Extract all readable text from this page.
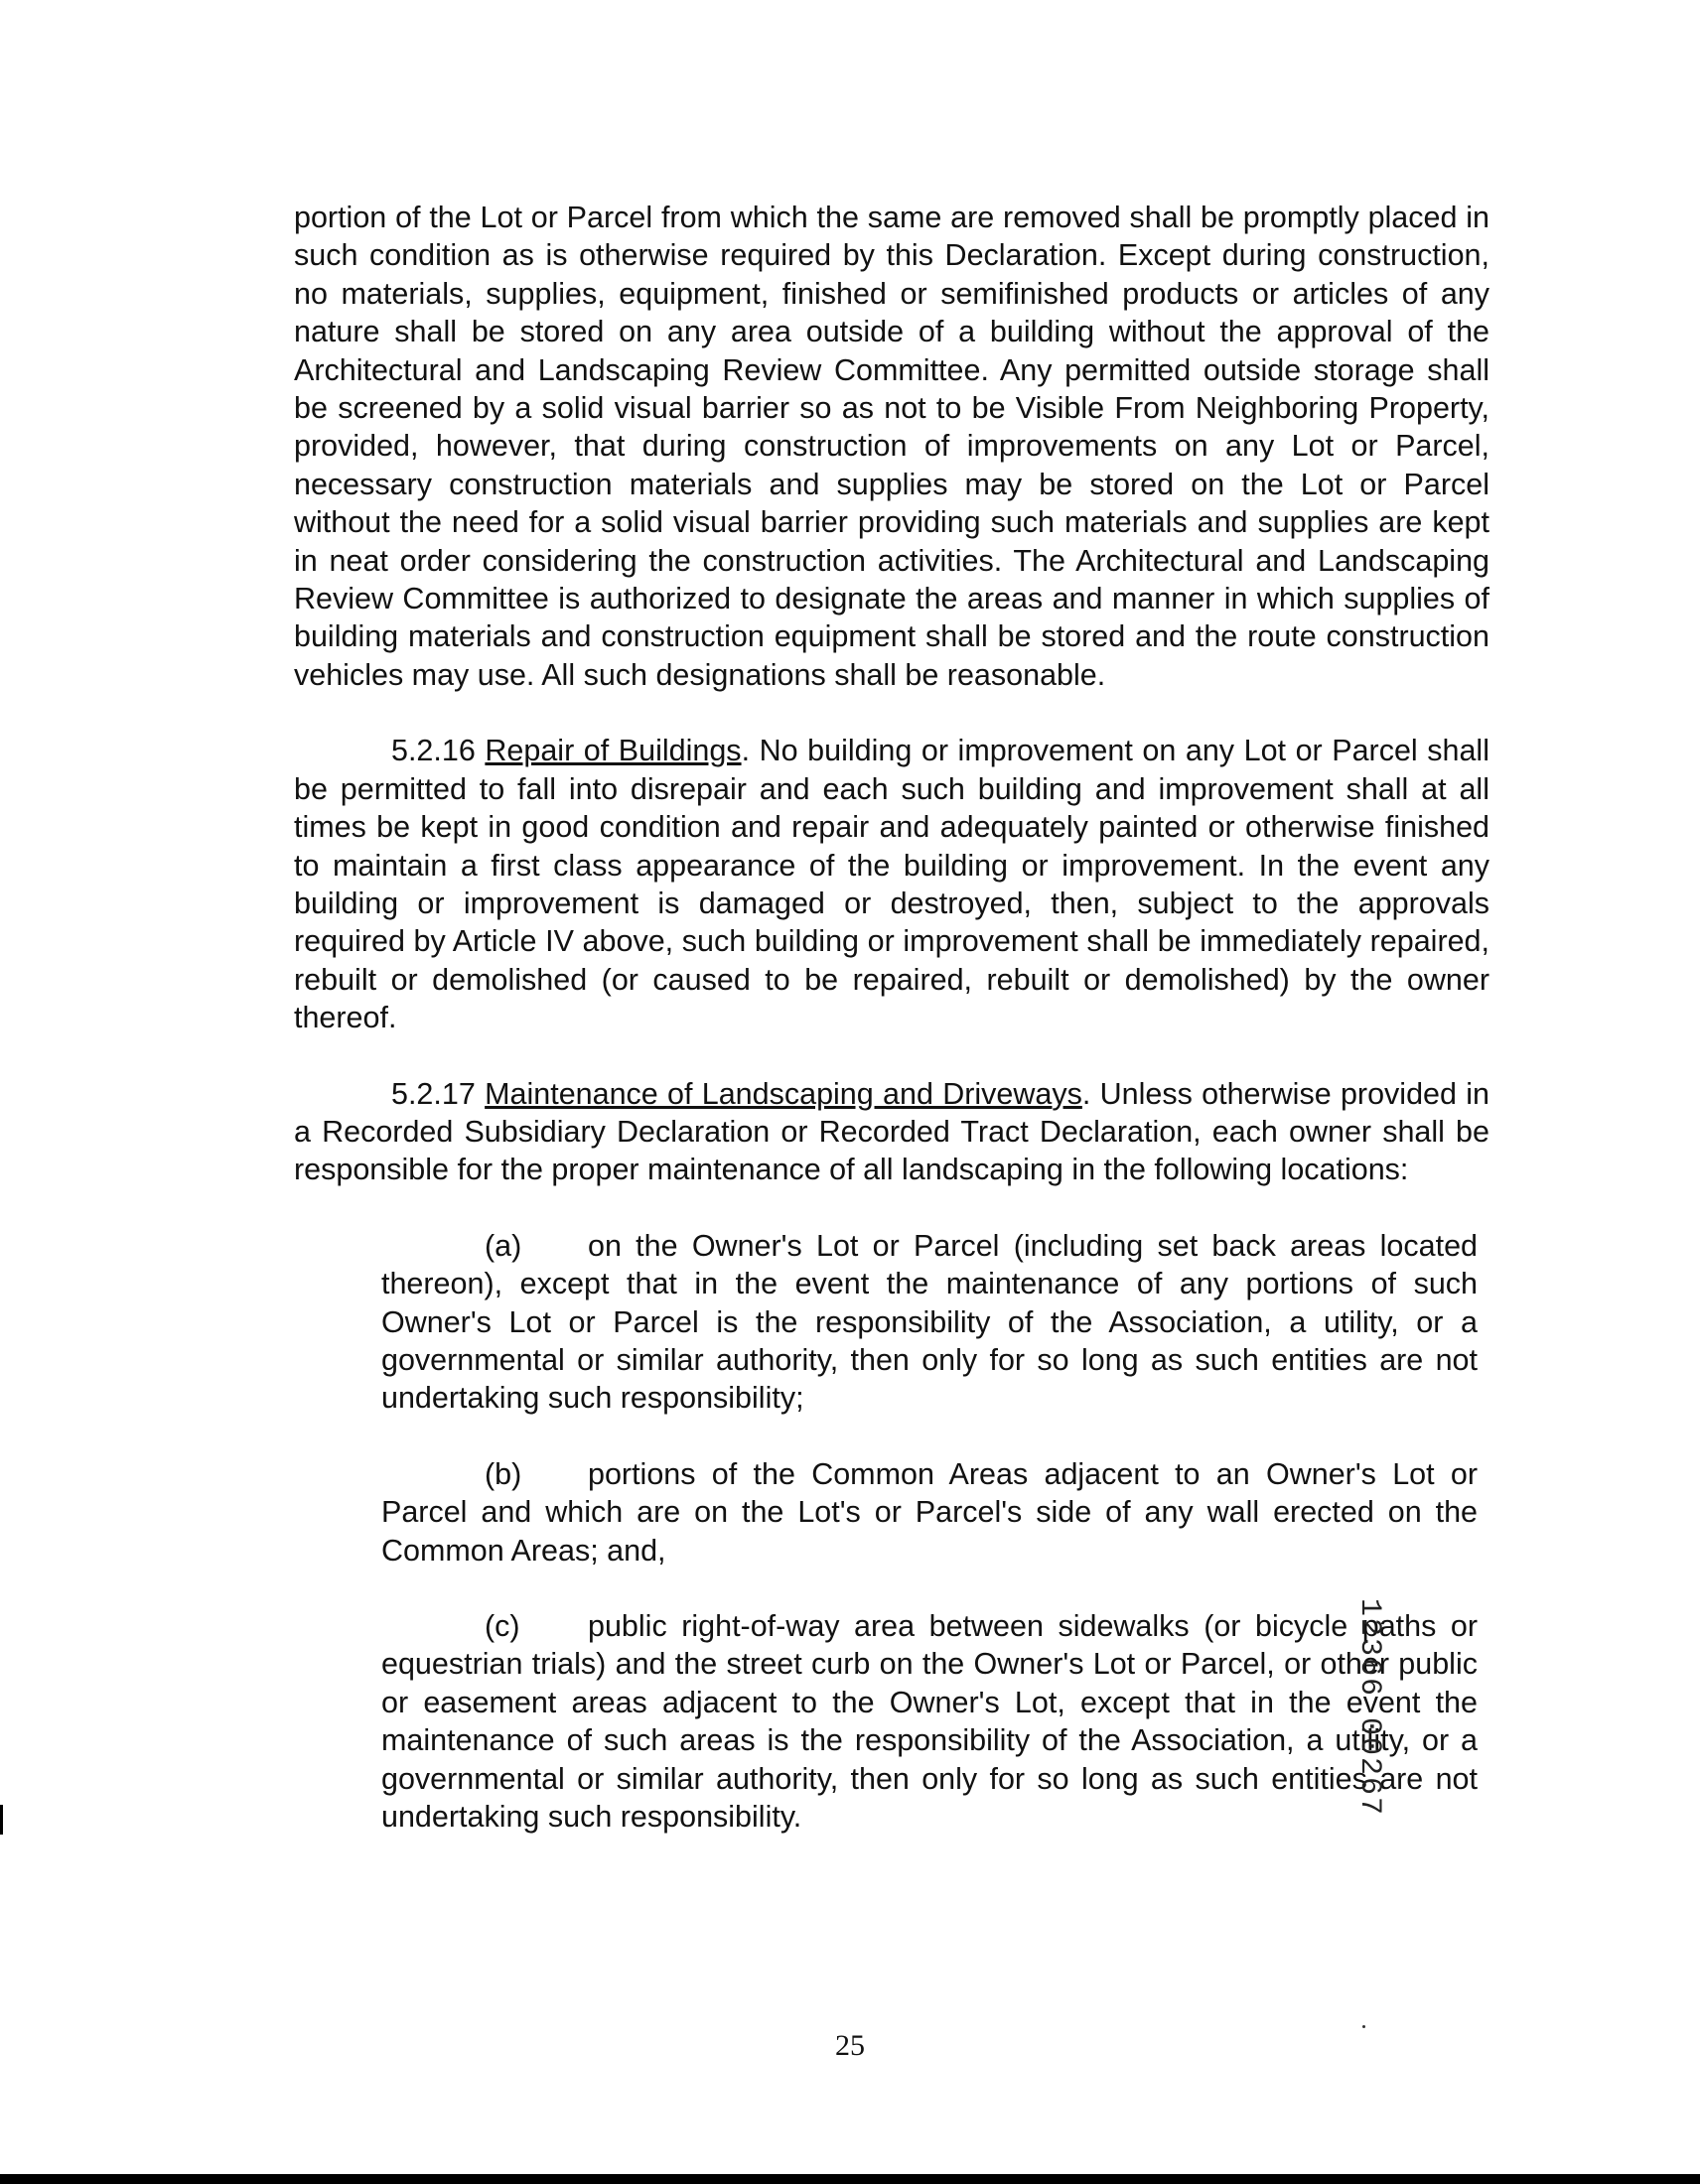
portion of the Lot or Parcel from which the same are removed shall be promptly placed in such condition as is otherwise required by this Declaration. Except during construction, no materials, supplies, equipment, finished or semifinished products or articles of any nature shall be stored on any area outside of a building without the approval of the Architectural and Landscaping Review Committee. Any permitted outside storage shall be screened by a solid visual barrier so as not to be Visible From Neighboring Property, provided, however, that during construction of improvements on any Lot or Parcel, necessary construction materials and supplies may be stored on the Lot or Parcel without the need for a solid visual barrier providing such materials and supplies are kept in neat order considering the construction activities. The Architectural and Landscaping Review Committee is authorized to designate the areas and manner in which supplies of building materials and construction equipment shall be stored and the route construction vehicles may use. All such designations shall be reasonable.

5.2.16 Repair of Buildings. No building or improvement on any Lot or Parcel shall be permitted to fall into disrepair and each such building and improvement shall at all times be kept in good condition and repair and adequately painted or otherwise finished to maintain a first class appearance of the building or improvement. In the event any building or improvement is damaged or destroyed, then, subject to the approvals required by Article IV above, such building or improvement shall be immediately repaired, rebuilt or demolished (or caused to be repaired, rebuilt or demolished) by the owner thereof.

5.2.17 Maintenance of Landscaping and Driveways. Unless otherwise provided in a Recorded Subsidiary Declaration or Recorded Tract Declaration, each owner shall be responsible for the proper maintenance of all landscaping in the following locations:

(a) on the Owner's Lot or Parcel (including set back areas located thereon), except that in the event the maintenance of any portions of such Owner's Lot or Parcel is the responsibility of the Association, a utility, or a governmental or similar authority, then only for so long as such entities are not undertaking such responsibility;

(b) portions of the Common Areas adjacent to an Owner's Lot or Parcel and which are on the Lot's or Parcel's side of any wall erected on the Common Areas; and,

(c) public right-of-way area between sidewalks (or bicycle paths or equestrian trials) and the street curb on the Owner's Lot or Parcel, or other public or easement areas adjacent to the Owner's Lot, except that in the event the maintenance of such areas is the responsibility of the Association, a utility, or a governmental or similar authority, then only for so long as such entities are not undertaking such responsibility.	12366 00267
25
